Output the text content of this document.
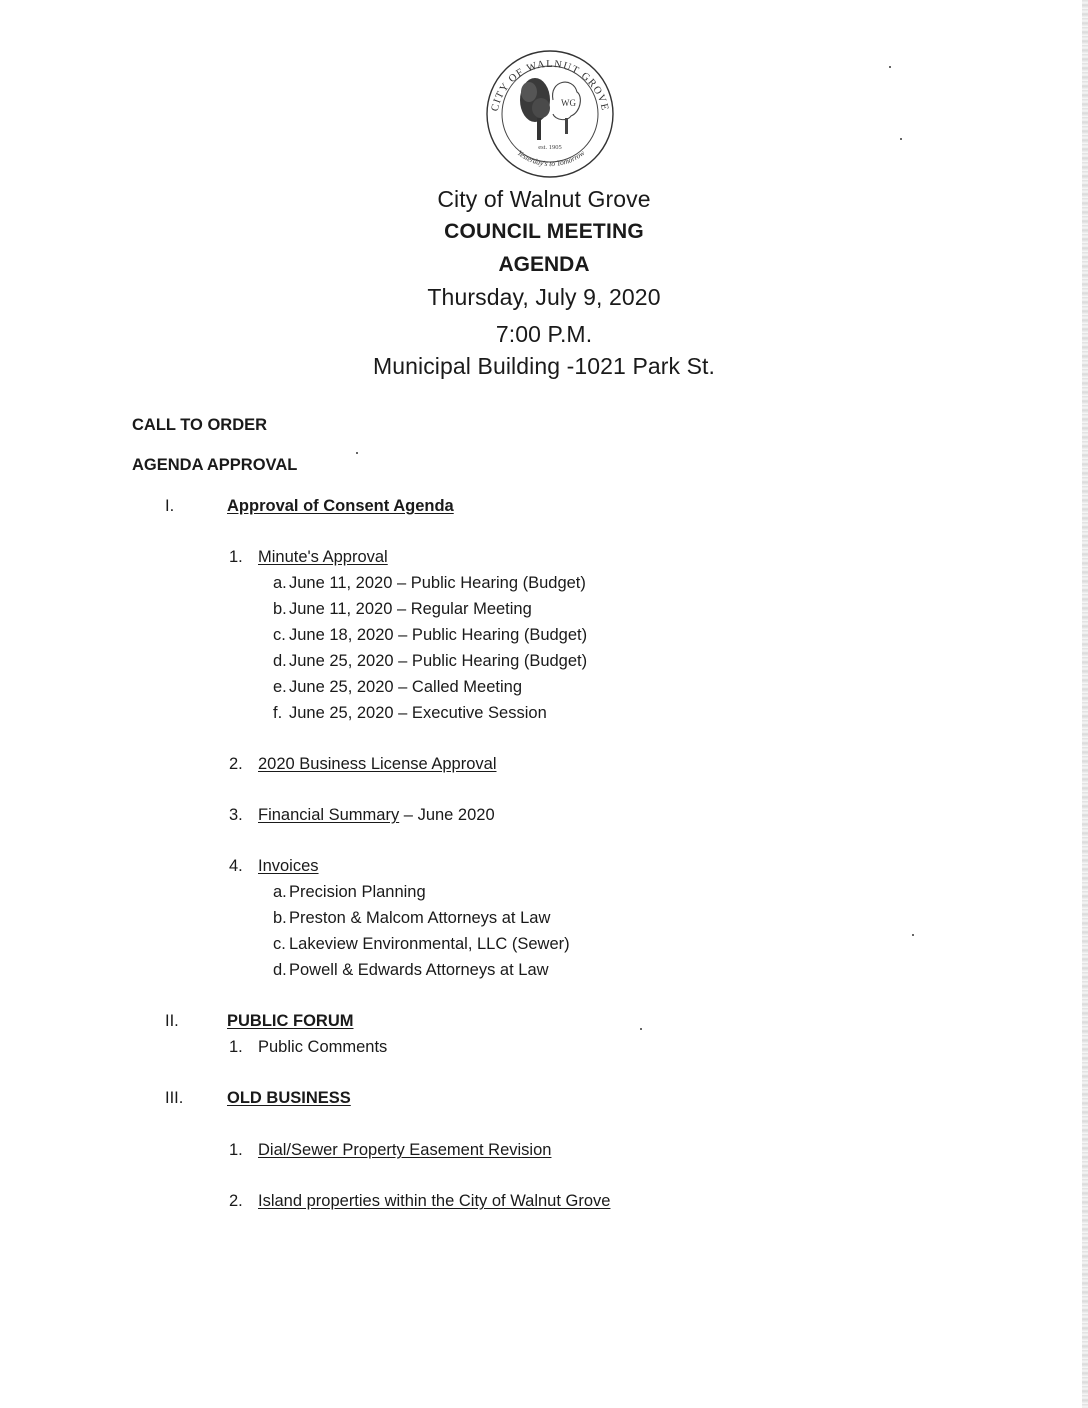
CITY OF WALNUT GROVE
Yesterday's to Tomorrow
WG
est. 1905
City of Walnut Grove
COUNCIL MEETING
AGENDA
Thursday, July 9, 2020
7:00 P.M.
Municipal Building -1021 Park St.
CALL TO ORDER
AGENDA APPROVAL
I.	Approval of Consent Agenda
1. Minute's Approval
a. June 11, 2020 – Public Hearing (Budget)
b. June 11, 2020 – Regular Meeting
c. June 18, 2020 – Public Hearing (Budget)
d. June 25, 2020 – Public Hearing (Budget)
e. June 25, 2020 – Called Meeting
f. June 25, 2020 – Executive Session
2. 2020 Business License Approval
3. Financial Summary – June 2020
4. Invoices
a. Precision Planning
b. Preston & Malcom Attorneys at Law
c. Lakeview Environmental, LLC (Sewer)
d. Powell & Edwards Attorneys at Law
II.	PUBLIC FORUM
1. Public Comments
III.	OLD BUSINESS
1. Dial/Sewer Property Easement Revision
2. Island properties within the City of Walnut Grove
